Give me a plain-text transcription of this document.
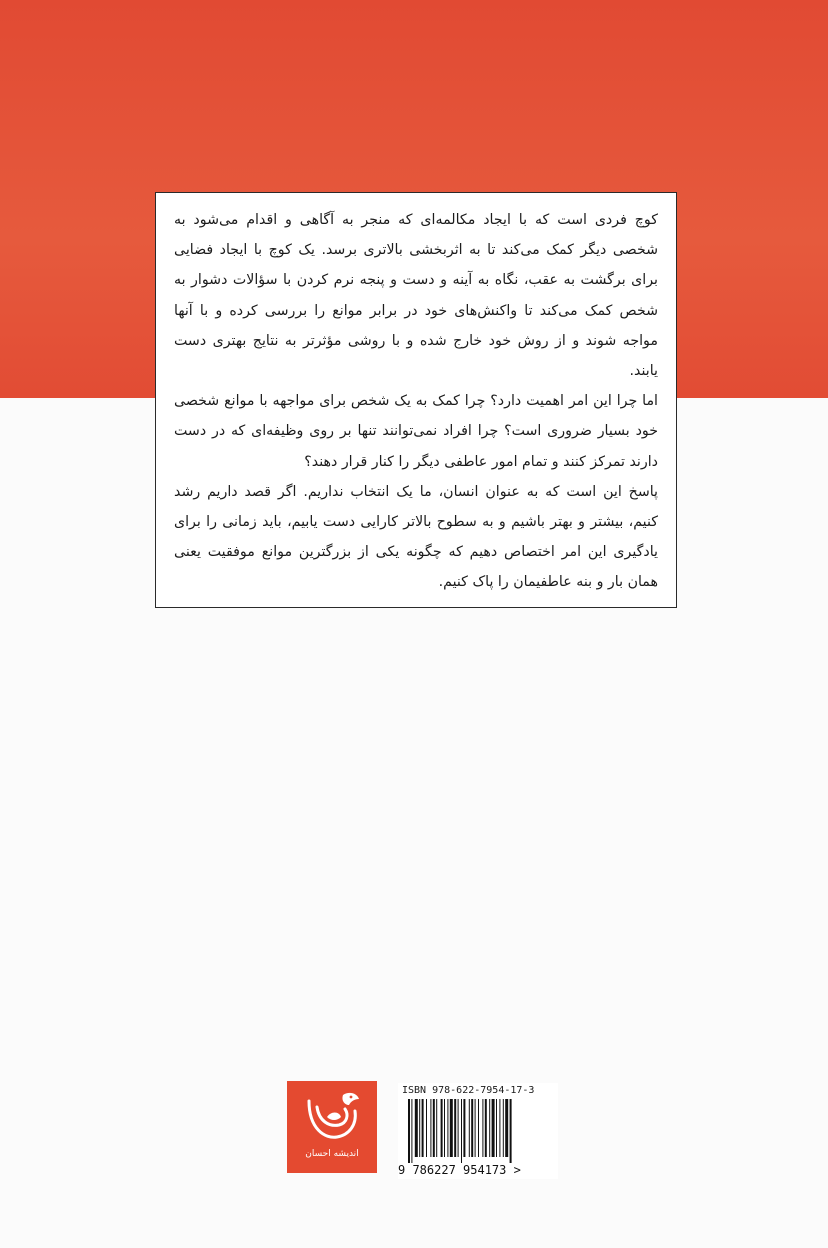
کوچ فردی است که با ایجاد مکالمه‌ای که منجر به آگاهی و اقدام می‌شود به شخصی دیگر کمک می‌کند تا به اثربخشی بالاتری برسد. یک کوچ با ایجاد فضایی برای برگشت به عقب، نگاه به آینه و دست و پنجه نرم کردن با سؤالات دشوار به شخص کمک می‌کند تا واکنش‌های خود در برابر موانع را بررسی کرده و با آنها مواجه شوند و از روش خود خارج شده و با روشی مؤثرتر به نتایج بهتری دست یابند.

اما چرا این امر اهمیت دارد؟ چرا کمک به یک شخص برای مواجهه با موانع شخصی خود بسیار ضروری است؟ چرا افراد نمی‌توانند تنها بر روی وظیفه‌ای که در دست دارند تمرکز کنند و تمام امور عاطفی دیگر را کنار قرار دهند؟

پاسخ این است که به عنوان انسان، ما یک انتخاب نداریم. اگر قصد داریم رشد کنیم، بیشتر و بهتر باشیم و به سطوح بالاتر کارایی دست یابیم، باید زمانی را برای یادگیری این امر اختصاص دهیم که چگونه یکی از بزرگترین موانع موفقیت یعنی همان بار و بنه عاطفیمان را پاک کنیم.

اندیشه احسان
ISBN 978-622-7954-17-3
9 786227 954173 >
